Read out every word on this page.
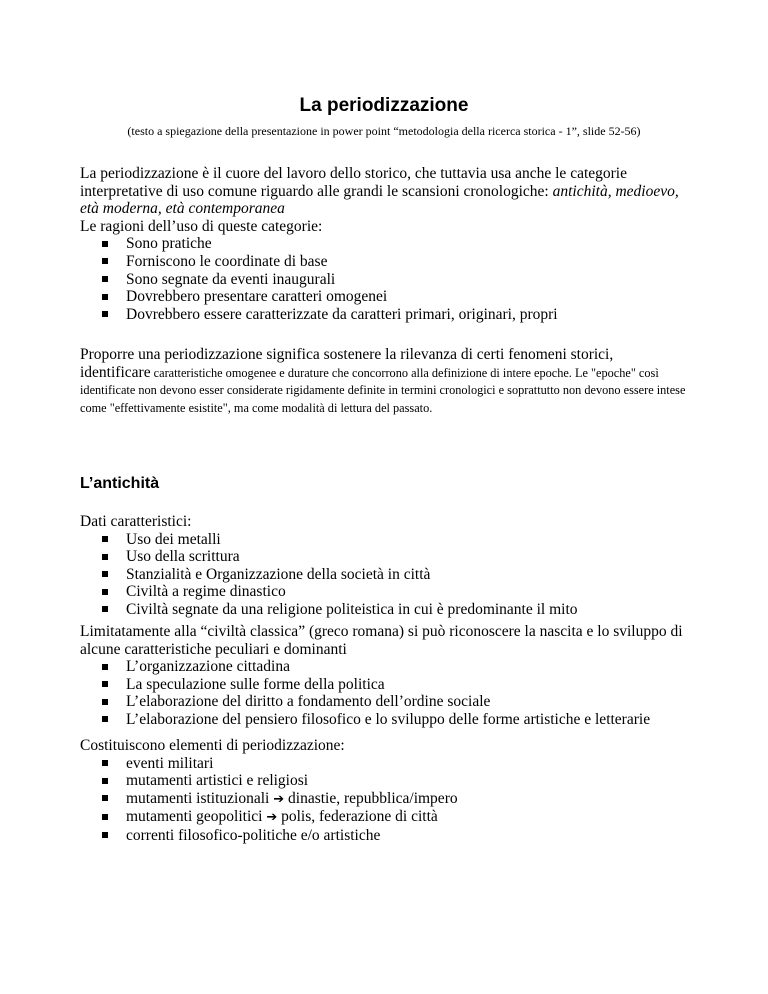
La periodizzazione
(testo a spiegazione della presentazione in power point “metodologia della ricerca storica - 1”, slide 52-56)

La periodizzazione è il cuore del lavoro dello storico, che tuttavia usa anche le categorie interpretative di uso comune riguardo alle grandi le scansioni cronologiche: antichità, medioevo, età moderna, età contemporanea

Le ragioni dell’uso di queste categorie:

Sono pratiche
Forniscono le coordinate di base
Sono segnate da eventi inaugurali
Dovrebbero presentare caratteri omogenei
Dovrebbero essere caratterizzate da caratteri primari, originari, propri

Proporre una periodizzazione significa sostenere la rilevanza di certi fenomeni storici,

identificare caratteristiche omogenee e durature che concorrono alla definizione di intere epoche. Le "epoche" così identificate non devono esser considerate rigidamente definite in termini cronologici e soprattutto non devono essere intese come "effettivamente esistite", ma come modalità di lettura del passato.

L’antichità

Dati caratteristici:

Uso dei metalli
Uso della scrittura
Stanzialità e Organizzazione della società in città
Civiltà a regime dinastico
Civiltà segnate da una religione politeistica in cui è predominante il mito

Limitatamente alla “civiltà classica” (greco romana) si può riconoscere la nascita e lo sviluppo di alcune caratteristiche peculiari e dominanti

L’organizzazione cittadina
La speculazione sulle forme della politica
L’elaborazione del diritto a fondamento dell’ordine sociale
L’elaborazione del pensiero filosofico e lo sviluppo delle forme artistiche e letterarie

Costituiscono elementi di periodizzazione:

eventi militari
mutamenti artistici e religiosi
mutamenti istituzionali ➔ dinastie, repubblica/impero
mutamenti geopolitici ➔ polis, federazione di città
correnti filosofico-politiche e/o artistiche
